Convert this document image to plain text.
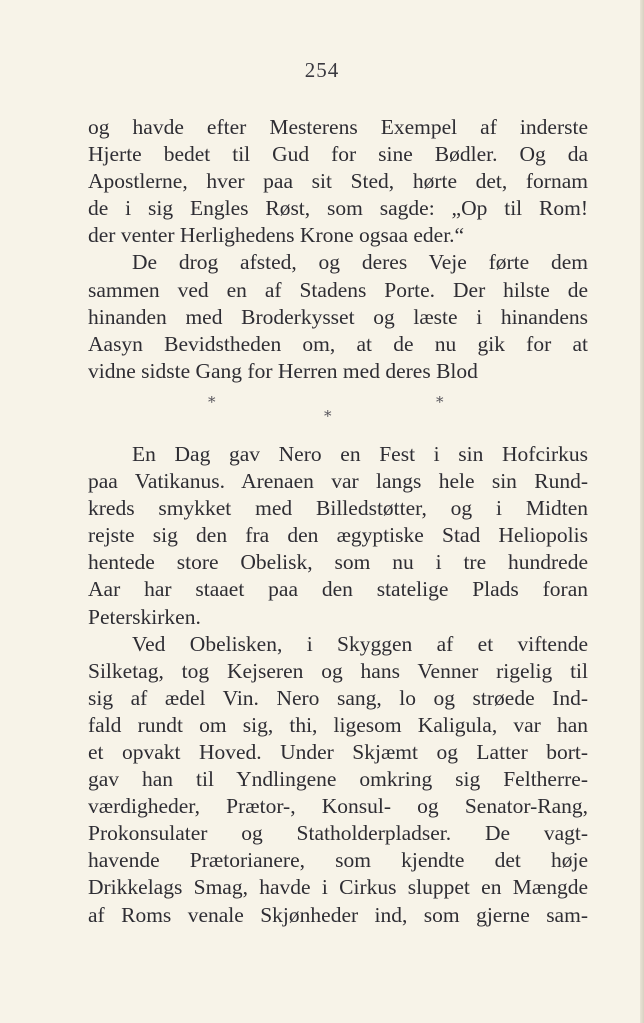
254
og havde efter Mesterens Exempel af inderste
Hjerte bedet til Gud for sine Bødler. Og da
Apostlerne, hver paa sit Sted, hørte det, fornam
de i sig Engles Røst, som sagde: „Op til Rom!
der venter Herlighedens Krone ogsaa eder.“
De drog afsted, og deres Veje førte dem
sammen ved en af Stadens Porte. Der hilste de
hinanden med Broderkysset og læste i hinandens
Aasyn Bevidstheden om, at de nu gik for at
vidne sidste Gang for Herren med deres Blod
*
*
*
En Dag gav Nero en Fest i sin Hofcirkus
paa Vatikanus. Arenaen var langs hele sin Rund-
kreds smykket med Billedstøtter, og i Midten
rejste sig den fra den ægyptiske Stad Heliopolis
hentede store Obelisk, som nu i tre hundrede
Aar har staaet paa den statelige Plads foran
Peterskirken.
Ved Obelisken, i Skyggen af et viftende
Silketag, tog Kejseren og hans Venner rigelig til
sig af ædel Vin. Nero sang, lo og strøede Ind-
fald rundt om sig, thi, ligesom Kaligula, var han
et opvakt Hoved. Under Skjæmt og Latter bort-
gav han til Yndlingene omkring sig Feltherre-
værdigheder, Prætor-, Konsul- og Senator-Rang,
Prokonsulater og Statholderpladser. De vagt-
havende Prætorianere, som kjendte det høje
Drikkelags Smag, havde i Cirkus sluppet en Mængde
af Roms venale Skjønheder ind, som gjerne sam-
